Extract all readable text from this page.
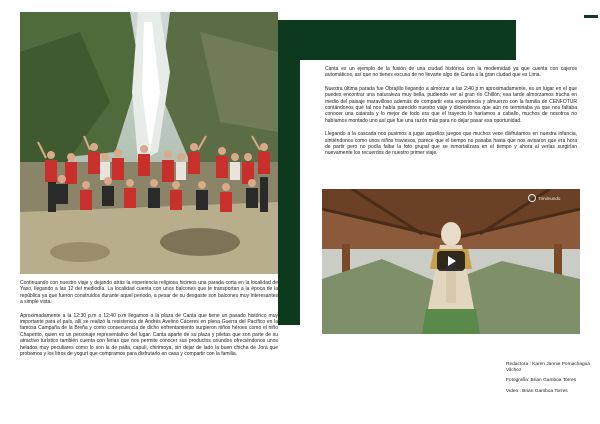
Continuando con nuestro viaje y dejando atrás la experiencia religiosa hicimos una parada corta en la localidad de Yaso, llegando a las 12 del mediodía. La localidad cuenta con unos balcones que te transportan a la época de la república ya que fueron construidos durante aquel periodo, a pesar de su desgaste son balcones muy interesantes a simple vista.

Aproximadamente a la 12:30 p.m o 12:40 p.m llegamos a la plaza de Canta que tiene un pasado histórico muy importante para el país, allí se realizó la resistencia de Andrés Avelino Cáceres en plena Guerra del Pacífico en la famosa Campaña de la Breña y como consecuencia de dicho enfrentamiento surgieron niños héroes como el niño Chaperito, quien es un personaje representativo del lugar. Canta aparte de su plaza y piletas que son parte de su atractivo turístico también cuenta con ferias que nos permite conocer sus productos oriundos ofreciéndonos unos helados muy peculiares como lo son la de palta, capulí, chirimoya, sin dejar de lado la buen chicha de Jora que probamos y los litros de yogurt que compramos para disfrutarlo en casa y compartir con la familia.

Canta es un ejemplo de la fusión de una ciudad histórica con la modernidad ya que cuenta con cajeros automáticos, así que no tienes excusa de no llevarte algo de Canta a la gran ciudad que es Lima.

Nuestra última parada fue Obrajillo llegando a almorzar a las 2:40 p.m aproximadamente, es un lugar en el que puedes encontrar una naturaleza muy bella, pudiendo ver al gran río Chillón; esa tarde almorzamos trucha en medio del paisaje maravilloso además de compartir esta experiencia y almuerzo con la familia de CENFOTUR contándonos qué tal nos había parecido nuestro viaje y diciéndonos que aún no terminaba ya que nos faltaba conocer una catarata y lo mejor de todo era que el trayecto lo haríamos a caballo, muchos de nosotros no habíamos montado uno así que fue una razón más para no dejar pasar esa oportunidad.

Llegando a la cascada nos pusimos a jugar aquellos juegos que muchos vece disfrutamos en nuestra infancia, sintiéndonos como unos niños traviesos, parece que el tiempo no pasaba hasta que nos avisaron que era hora de partir pero no podía faltar la foto grupal que se inmortalizara en el tiempo y ahora al verlas surgirían nuevamente los recuerdos de nuestro primer viaje.

Trinimundo
Redactora : Karen Jannie Pomachagua Vilchez
Fotografía: Brian Gamboa Torres
Video : Brian Gamboa Torres
